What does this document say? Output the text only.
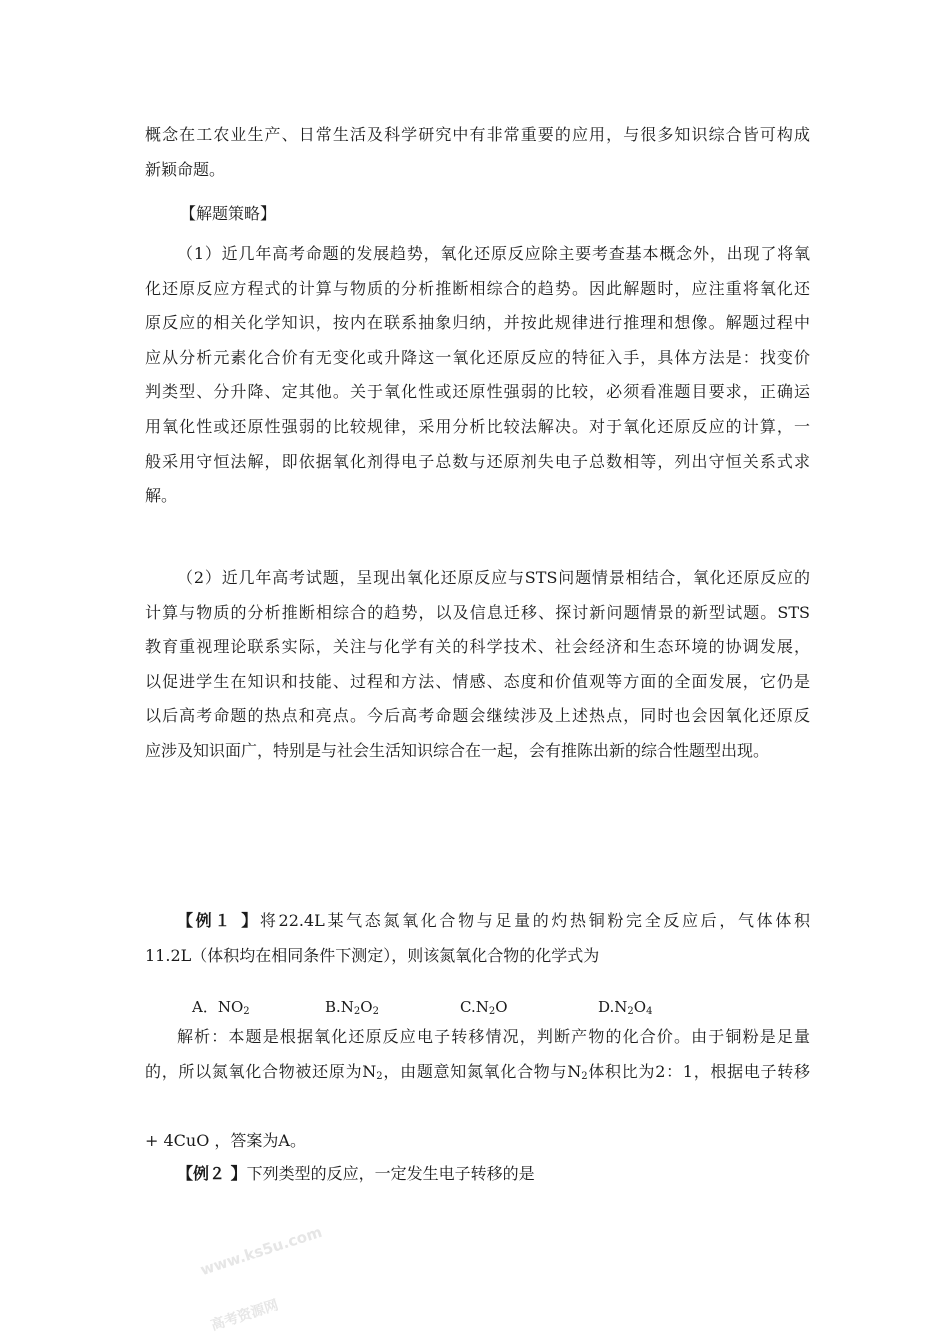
概念在工农业生产、日常生活及科学研究中有非常重要的应用，与很多知识综合皆可构成
新颖命题。
【解题策略】
（1）近几年高考命题的发展趋势，氧化还原反应除主要考查基本概念外，出现了将氧
化还原反应方程式的计算与物质的分析推断相综合的趋势。因此解题时，应注重将氧化还
原反应的相关化学知识，按内在联系抽象归纳，并按此规律进行推理和想像。解题过程中
应从分析元素化合价有无变化或升降这一氧化还原反应的特征入手，具体方法是：找变价
判类型、分升降、定其他。关于氧化性或还原性强弱的比较，必须看准题目要求，正确运
用氧化性或还原性强弱的比较规律，采用分析比较法解决。对于氧化还原反应的计算，一
般采用守恒法解，即依据氧化剂得电子总数与还原剂失电子总数相等，列出守恒关系式求
解。
（2）近几年高考试题，呈现出氧化还原反应与STS问题情景相结合，氧化还原反应的
计算与物质的分析推断相综合的趋势，以及信息迁移、探讨新问题情景的新型试题。STS
教育重视理论联系实际，关注与化学有关的科学技术、社会经济和生态环境的协调发展，
以促进学生在知识和技能、过程和方法、情感、态度和价值观等方面的全面发展，它仍是
以后高考命题的热点和亮点。今后高考命题会继续涉及上述热点，同时也会因氧化还原反
应涉及知识面广，特别是与社会生活知识综合在一起，会有推陈出新的综合性题型出现。
【例１ 】将22.4L某气态氮氧化合物与足量的灼热铜粉完全反应后，气体体积
11.2L（体积均在相同条件下测定），则该氮氧化合物的化学式为
A．$NO_2$	$B.N_2O_2$	$C.N_2O$	$D.N_2O_4$
解析：本题是根据氧化还原反应电子转移情况，判断产物的化合价。由于铜粉是足量
的，所以氮氧化合物被还原为$N_2$，由题意知氮氧化合物与$N_2$体积比为2：1，根据电子转移

+ 4CuO ，答案为A。
【例２ 】下列类型的反应，一定发生电子转移的是
www.ks5u.com
高考资源网
